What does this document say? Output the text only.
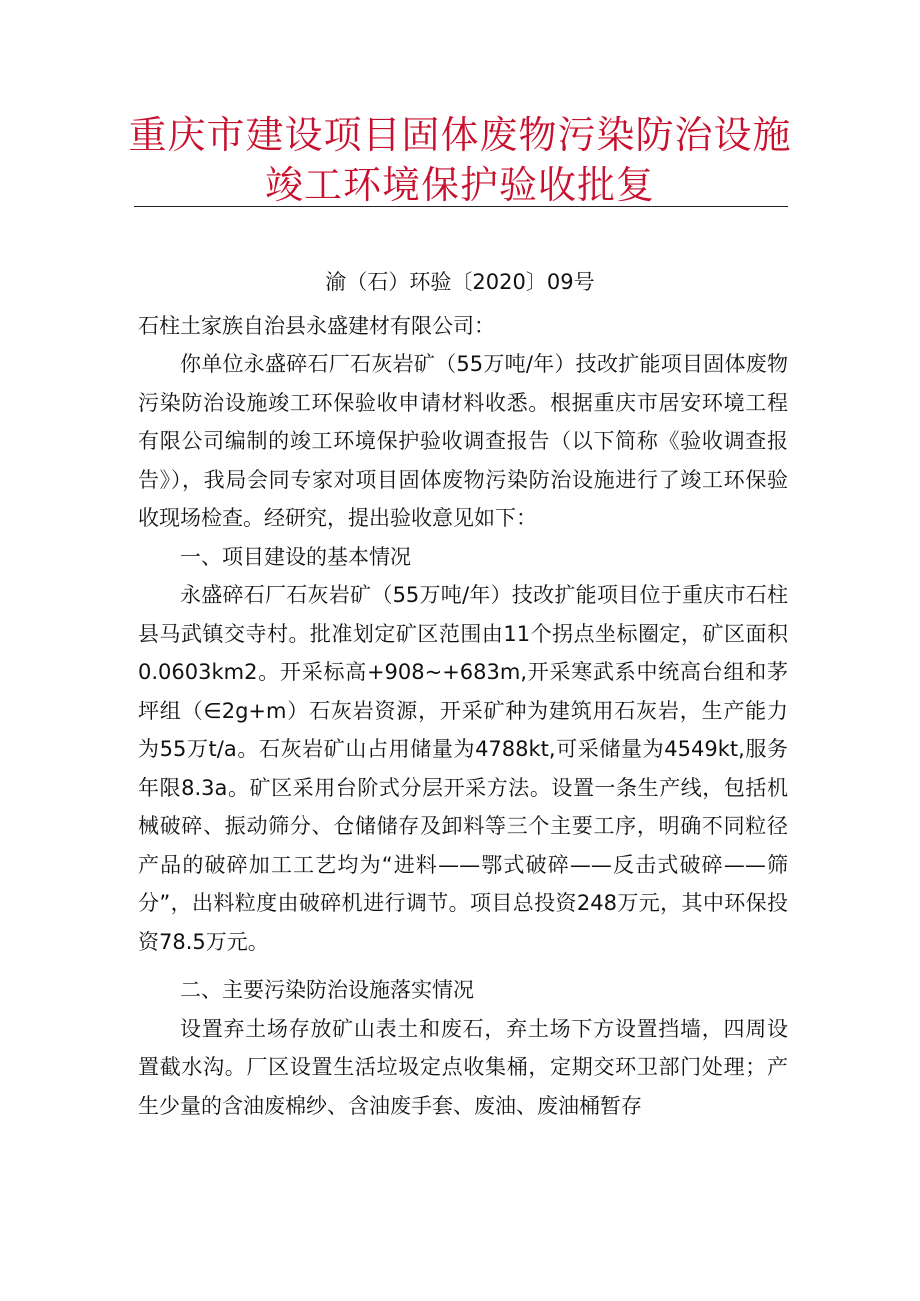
重庆市建设项目固体废物污染防治设施
竣工环境保护验收批复
渝（石）环验〔2020〕09号
石柱土家族自治县永盛建材有限公司：

你单位永盛碎石厂石灰岩矿（55万吨/年）技改扩能项目固体废物污染防治设施竣工环保验收申请材料收悉。根据重庆市居安环境工程有限公司编制的竣工环境保护验收调查报告（以下简称《验收调查报告》），我局会同专家对项目固体废物污染防治设施进行了竣工环保验收现场检查。经研究，提出验收意见如下：

一、项目建设的基本情况

永盛碎石厂石灰岩矿（55万吨/年）技改扩能项目位于重庆市石柱县马武镇交寺村。批准划定矿区范围由11个拐点坐标圈定，矿区面积0.0603km2。开采标高+908~+683m,开采寒武系中统高台组和茅坪组（∈2g+m）石灰岩资源，开采矿种为建筑用石灰岩，生产能力为55万t/a。石灰岩矿山占用储量为4788kt,可采储量为4549kt,服务年限8.3a。矿区采用台阶式分层开采方法。设置一条生产线，包括机械破碎、振动筛分、仓储储存及卸料等三个主要工序，明确不同粒径产品的破碎加工工艺均为“进料——鄂式破碎——反击式破碎——筛分”，出料粒度由破碎机进行调节。项目总投资248万元，其中环保投资78.5万元。

二、主要污染防治设施落实情况

设置弃土场存放矿山表土和废石，弃土场下方设置挡墙，四周设置截水沟。厂区设置生活垃圾定点收集桶，定期交环卫部门处理；产生少量的含油废棉纱、含油废手套、废油、废油桶暂存
